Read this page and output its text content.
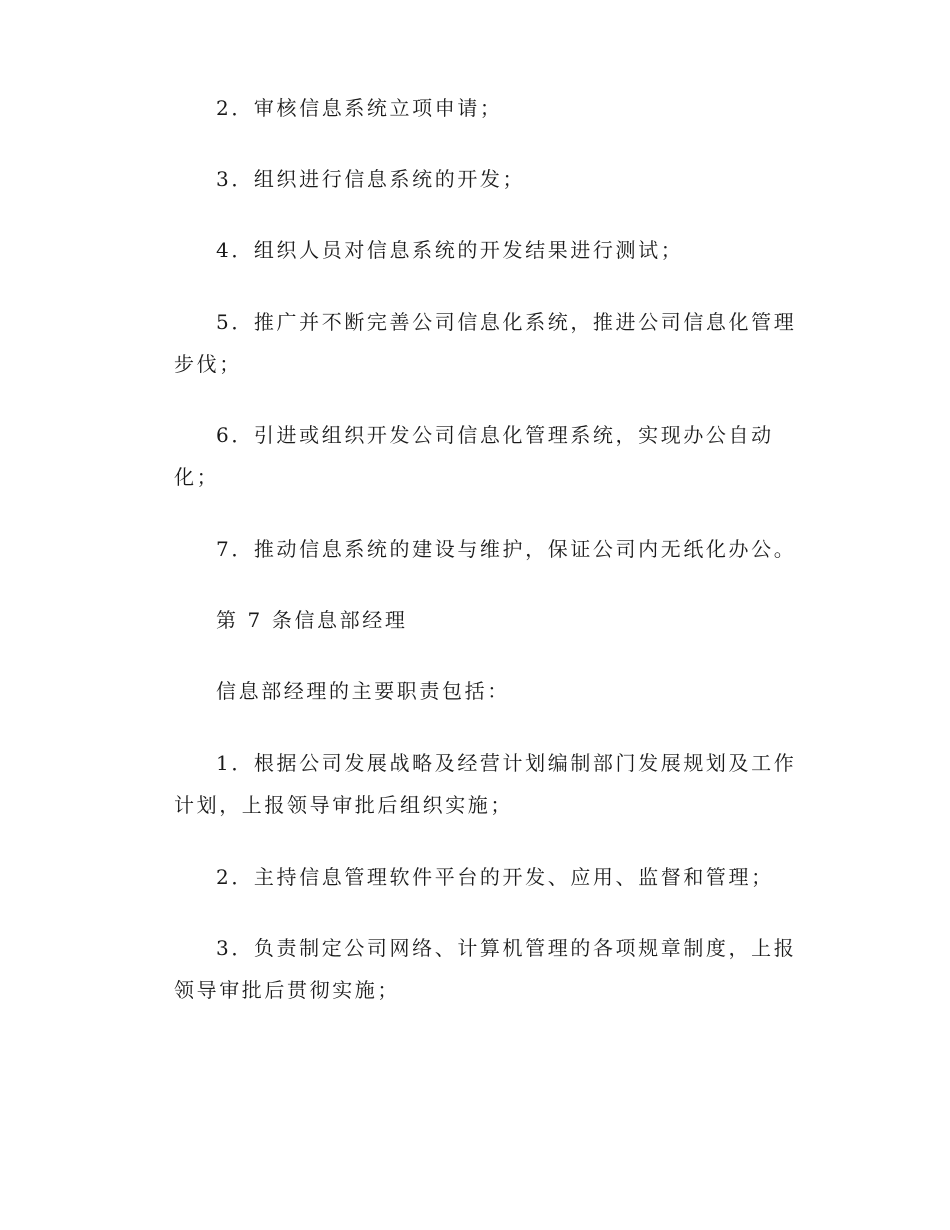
2．审核信息系统立项申请；
3．组织进行信息系统的开发；
4．组织人员对信息系统的开发结果进行测试；
5．推广并不断完善公司信息化系统，推进公司信息化管理
步伐；
6．引进或组织开发公司信息化管理系统，实现办公自动
化；
7．推动信息系统的建设与维护，保证公司内无纸化办公。
第 7 条信息部经理
信息部经理的主要职责包括：
1．根据公司发展战略及经营计划编制部门发展规划及工作
计划，上报领导审批后组织实施；
2．主持信息管理软件平台的开发、应用、监督和管理；
3．负责制定公司网络、计算机管理的各项规章制度，上报
领导审批后贯彻实施；
